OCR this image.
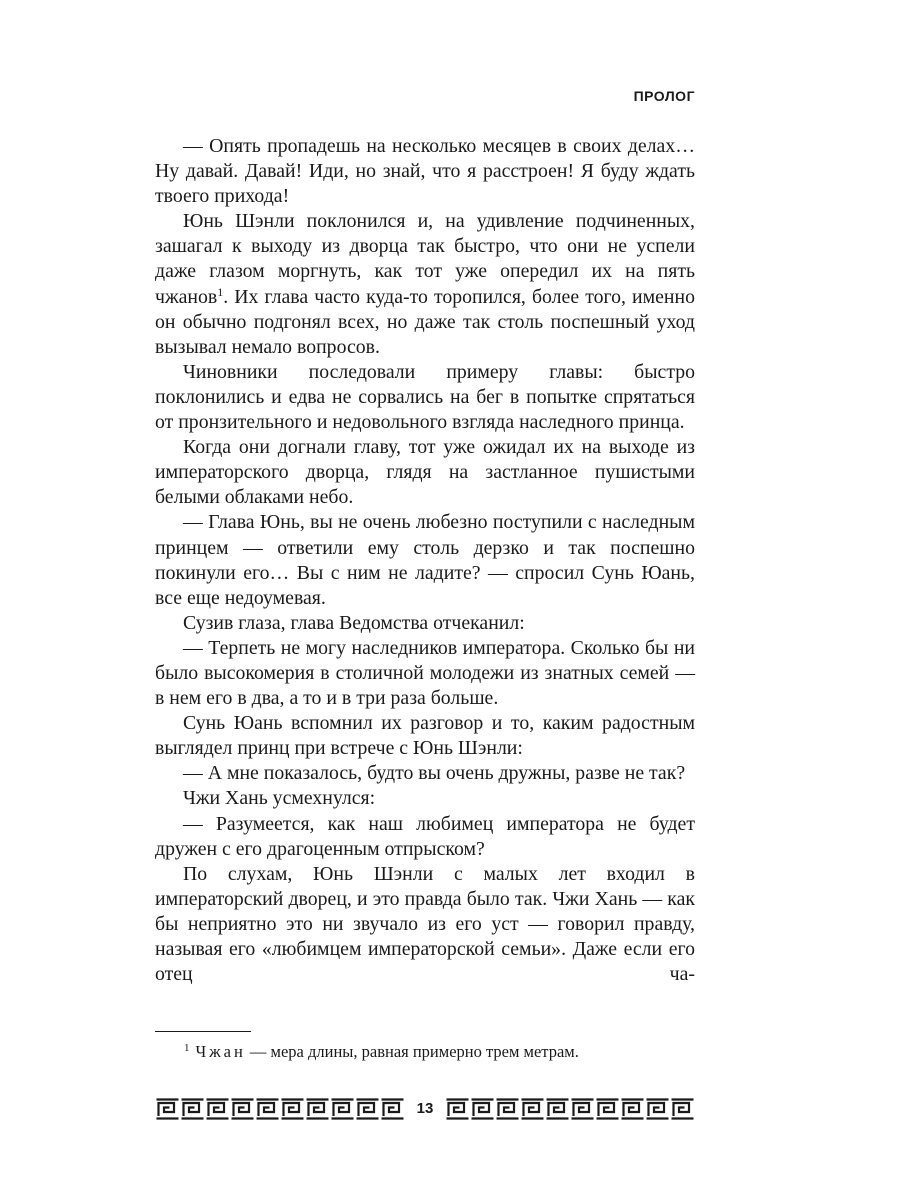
ПРОЛОГ

— Опять пропадешь на несколько месяцев в своих делах… Ну давай. Давай! Иди, но знай, что я расстроен! Я буду ждать твоего прихода!

Юнь Шэнли поклонился и, на удивление подчиненных, зашагал к выходу из дворца так быстро, что они не успели даже глазом моргнуть, как тот уже опередил их на пять чжанов$^1$. Их глава часто куда-то торопился, более того, именно он обычно подгонял всех, но даже так столь поспешный уход вызывал немало вопросов.

Чиновники последовали примеру главы: быстро поклонились и едва не сорвались на бег в попытке спрятаться от пронзительного и недовольного взгляда наследного принца.

Когда они догнали главу, тот уже ожидал их на выходе из императорского дворца, глядя на застланное пушистыми белыми облаками небо.

— Глава Юнь, вы не очень любезно поступили с наследным принцем — ответили ему столь дерзко и так поспешно покинули его… Вы с ним не ладите? — спросил Сунь Юань, все еще недоумевая.

Сузив глаза, глава Ведомства отчеканил:

— Терпеть не могу наследников императора. Сколько бы ни было высокомерия в столичной молодежи из знатных семей — в нем его в два, а то и в три раза больше.

Сунь Юань вспомнил их разговор и то, каким радостным выглядел принц при встрече с Юнь Шэнли:

— А мне показалось, будто вы очень дружны, разве не так?

Чжи Хань усмехнулся:

— Разумеется, как наш любимец императора не будет дружен с его драгоценным отпрыском?

По слухам, Юнь Шэнли с малых лет входил в императорский дворец, и это правда было так. Чжи Хань — как бы неприятно это ни звучало из его уст — говорил правду, называя его «любимцем императорской семьи». Даже если его отец ча-

$^1$ Чжан — мера длины, равная примерно трем метрам.
13
